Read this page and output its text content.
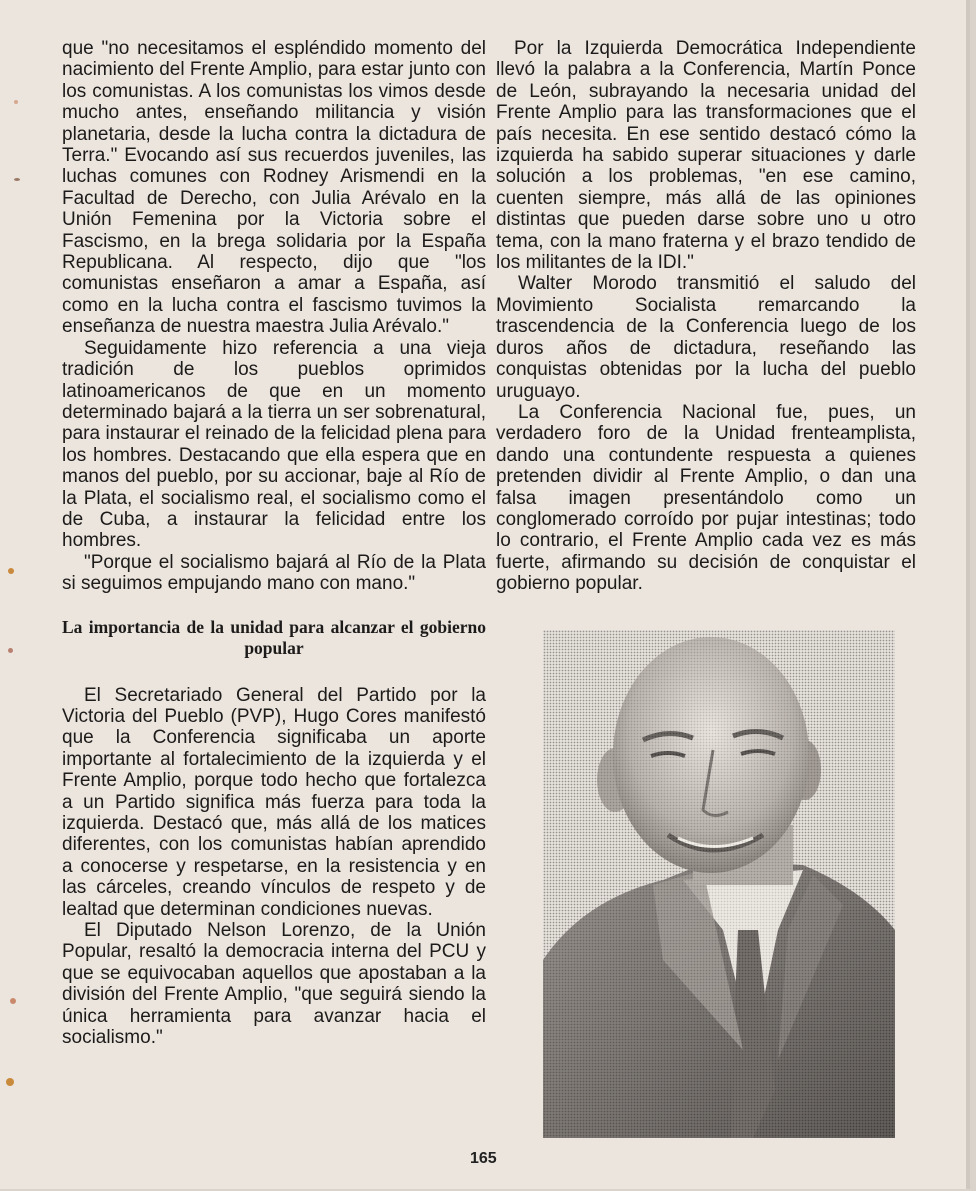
que "no necesitamos el espléndido momento del nacimiento del Frente Amplio, para estar junto con los comunistas. A los comunistas los vimos desde mucho antes, enseñando militancia y visión planetaria, desde la lucha contra la dictadura de Terra." Evocando así sus recuerdos juveniles, las luchas comunes con Rodney Arismendi en la Facultad de Derecho, con Julia Arévalo en la Unión Femenina por la Victoria sobre el Fascismo, en la brega solidaria por la España Republicana. Al respecto, dijo que "los comunistas enseñaron a amar a España, así como en la lucha contra el fascismo tuvimos la enseñanza de nuestra maestra Julia Arévalo."

Seguidamente hizo referencia a una vieja tradición de los pueblos oprimidos latinoamericanos de que en un momento determinado bajará a la tierra un ser sobrenatural, para instaurar el reinado de la felicidad plena para los hombres. Destacando que ella espera que en manos del pueblo, por su accionar, baje al Río de la Plata, el socialismo real, el socialismo como el de Cuba, a instaurar la felicidad entre los hombres.

"Porque el socialismo bajará al Río de la Plata si seguimos empujando mano con mano."

La importancia de la unidad para alcanzar el gobierno popular

El Secretariado General del Partido por la Victoria del Pueblo (PVP), Hugo Cores manifestó que la Conferencia significaba un aporte importante al fortalecimiento de la izquierda y el Frente Amplio, porque todo hecho que fortalezca a un Partido significa más fuerza para toda la izquierda. Destacó que, más allá de los matices diferentes, con los comunistas habían aprendido a conocerse y respetarse, en la resistencia y en las cárceles, creando vínculos de respeto y de lealtad que determinan condiciones nuevas.

El Diputado Nelson Lorenzo, de la Unión Popular, resaltó la democracia interna del PCU y que se equivocaban aquellos que apostaban a la división del Frente Amplio, "que seguirá siendo la única herramienta para avanzar hacia el socialismo."

Por la Izquierda Democrática Independiente llevó la palabra a la Conferencia, Martín Ponce de León, subrayando la necesaria unidad del Frente Amplio para las transformaciones que el país necesita. En ese sentido destacó cómo la izquierda ha sabido superar situaciones y darle solución a los problemas, "en ese camino, cuenten siempre, más allá de las opiniones distintas que pueden darse sobre uno u otro tema, con la mano fraterna y el brazo tendido de los militantes de la IDI."

Walter Morodo transmitió el saludo del Movimiento Socialista remarcando la trascendencia de la Conferencia luego de los duros años de dictadura, reseñando las conquistas obtenidas por la lucha del pueblo uruguayo.

La Conferencia Nacional fue, pues, un verdadero foro de la Unidad frenteamplista, dando una contundente respuesta a quienes pretenden dividir al Frente Amplio, o dan una falsa imagen presentándolo como un conglomerado corroído por pujar intestinas; todo lo contrario, el Frente Amplio cada vez es más fuerte, afirmando su decisión de conquistar el gobierno popular.

165
